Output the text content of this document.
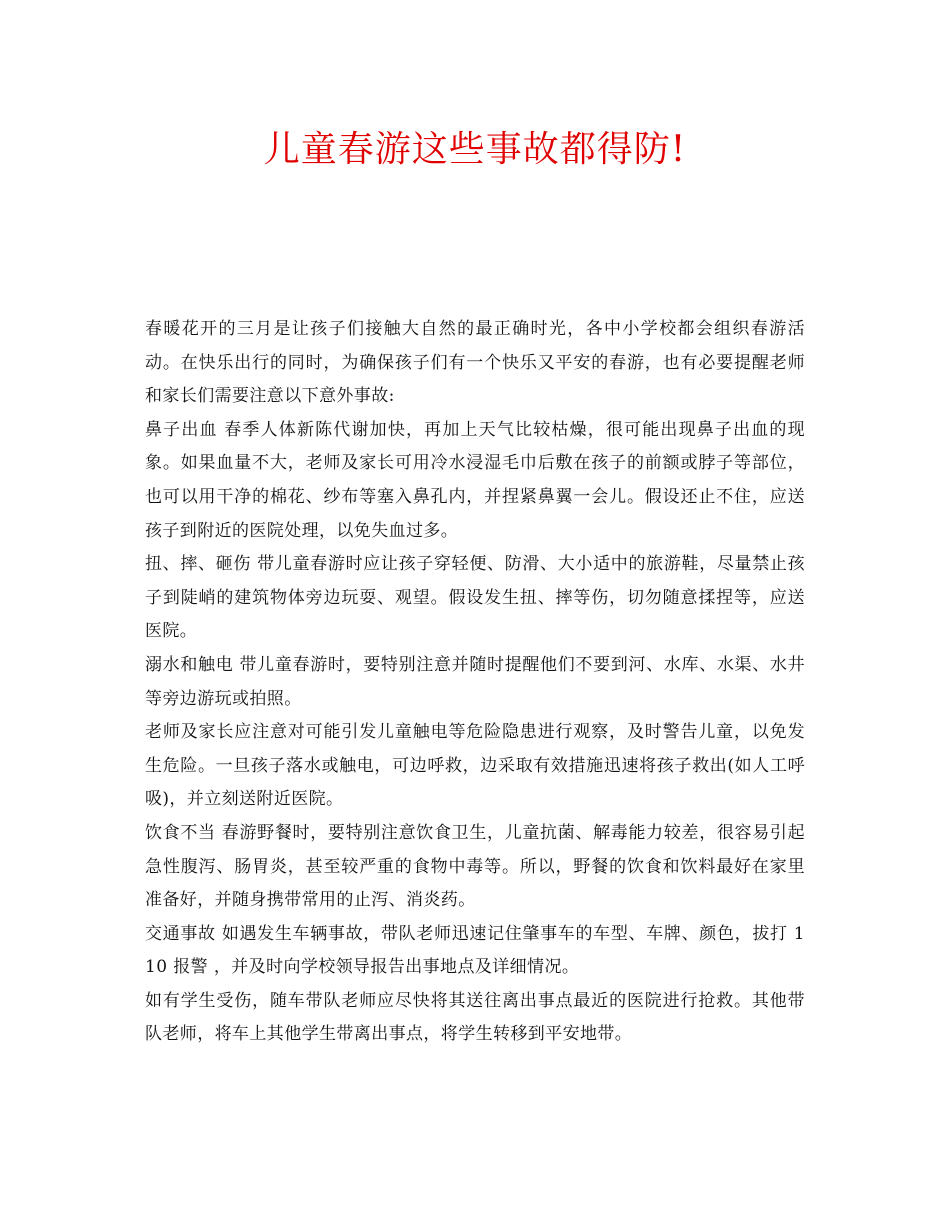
儿童春游这些事故都得防!

春暖花开的三月是让孩子们接触大自然的最正确时光，各中小学校都会组织春游活动。在快乐出行的同时，为确保孩子们有一个快乐又平安的春游，也有必要提醒老师和家长们需要注意以下意外事故:

鼻子出血 春季人体新陈代谢加快，再加上天气比较枯燥，很可能出现鼻子出血的现象。如果血量不大，老师及家长可用冷水浸湿毛巾后敷在孩子的前额或脖子等部位，也可以用干净的棉花、纱布等塞入鼻孔内，并捏紧鼻翼一会儿。假设还止不住，应送孩子到附近的医院处理，以免失血过多。

扭、摔、砸伤 带儿童春游时应让孩子穿轻便、防滑、大小适中的旅游鞋，尽量禁止孩子到陡峭的建筑物体旁边玩耍、观望。假设发生扭、摔等伤，切勿随意揉捏等，应送医院。

溺水和触电 带儿童春游时，要特别注意并随时提醒他们不要到河、水库、水渠、水井等旁边游玩或拍照。

老师及家长应注意对可能引发儿童触电等危险隐患进行观察，及时警告儿童，以免发生危险。一旦孩子落水或触电，可边呼救，边采取有效措施迅速将孩子救出(如人工呼吸)，并立刻送附近医院。

饮食不当 春游野餐时，要特别注意饮食卫生，儿童抗菌、解毒能力较差，很容易引起急性腹泻、肠胃炎，甚至较严重的食物中毒等。所以，野餐的饮食和饮料最好在家里准备好，并随身携带常用的止泻、消炎药。

交通事故 如遇发生车辆事故，带队老师迅速记住肇事车的车型、车牌、颜色，拔打 110 报警 ，并及时向学校领导报告出事地点及详细情况。

如有学生受伤，随车带队老师应尽快将其送往离出事点最近的医院进行抢救。其他带队老师，将车上其他学生带离出事点，将学生转移到平安地带。
